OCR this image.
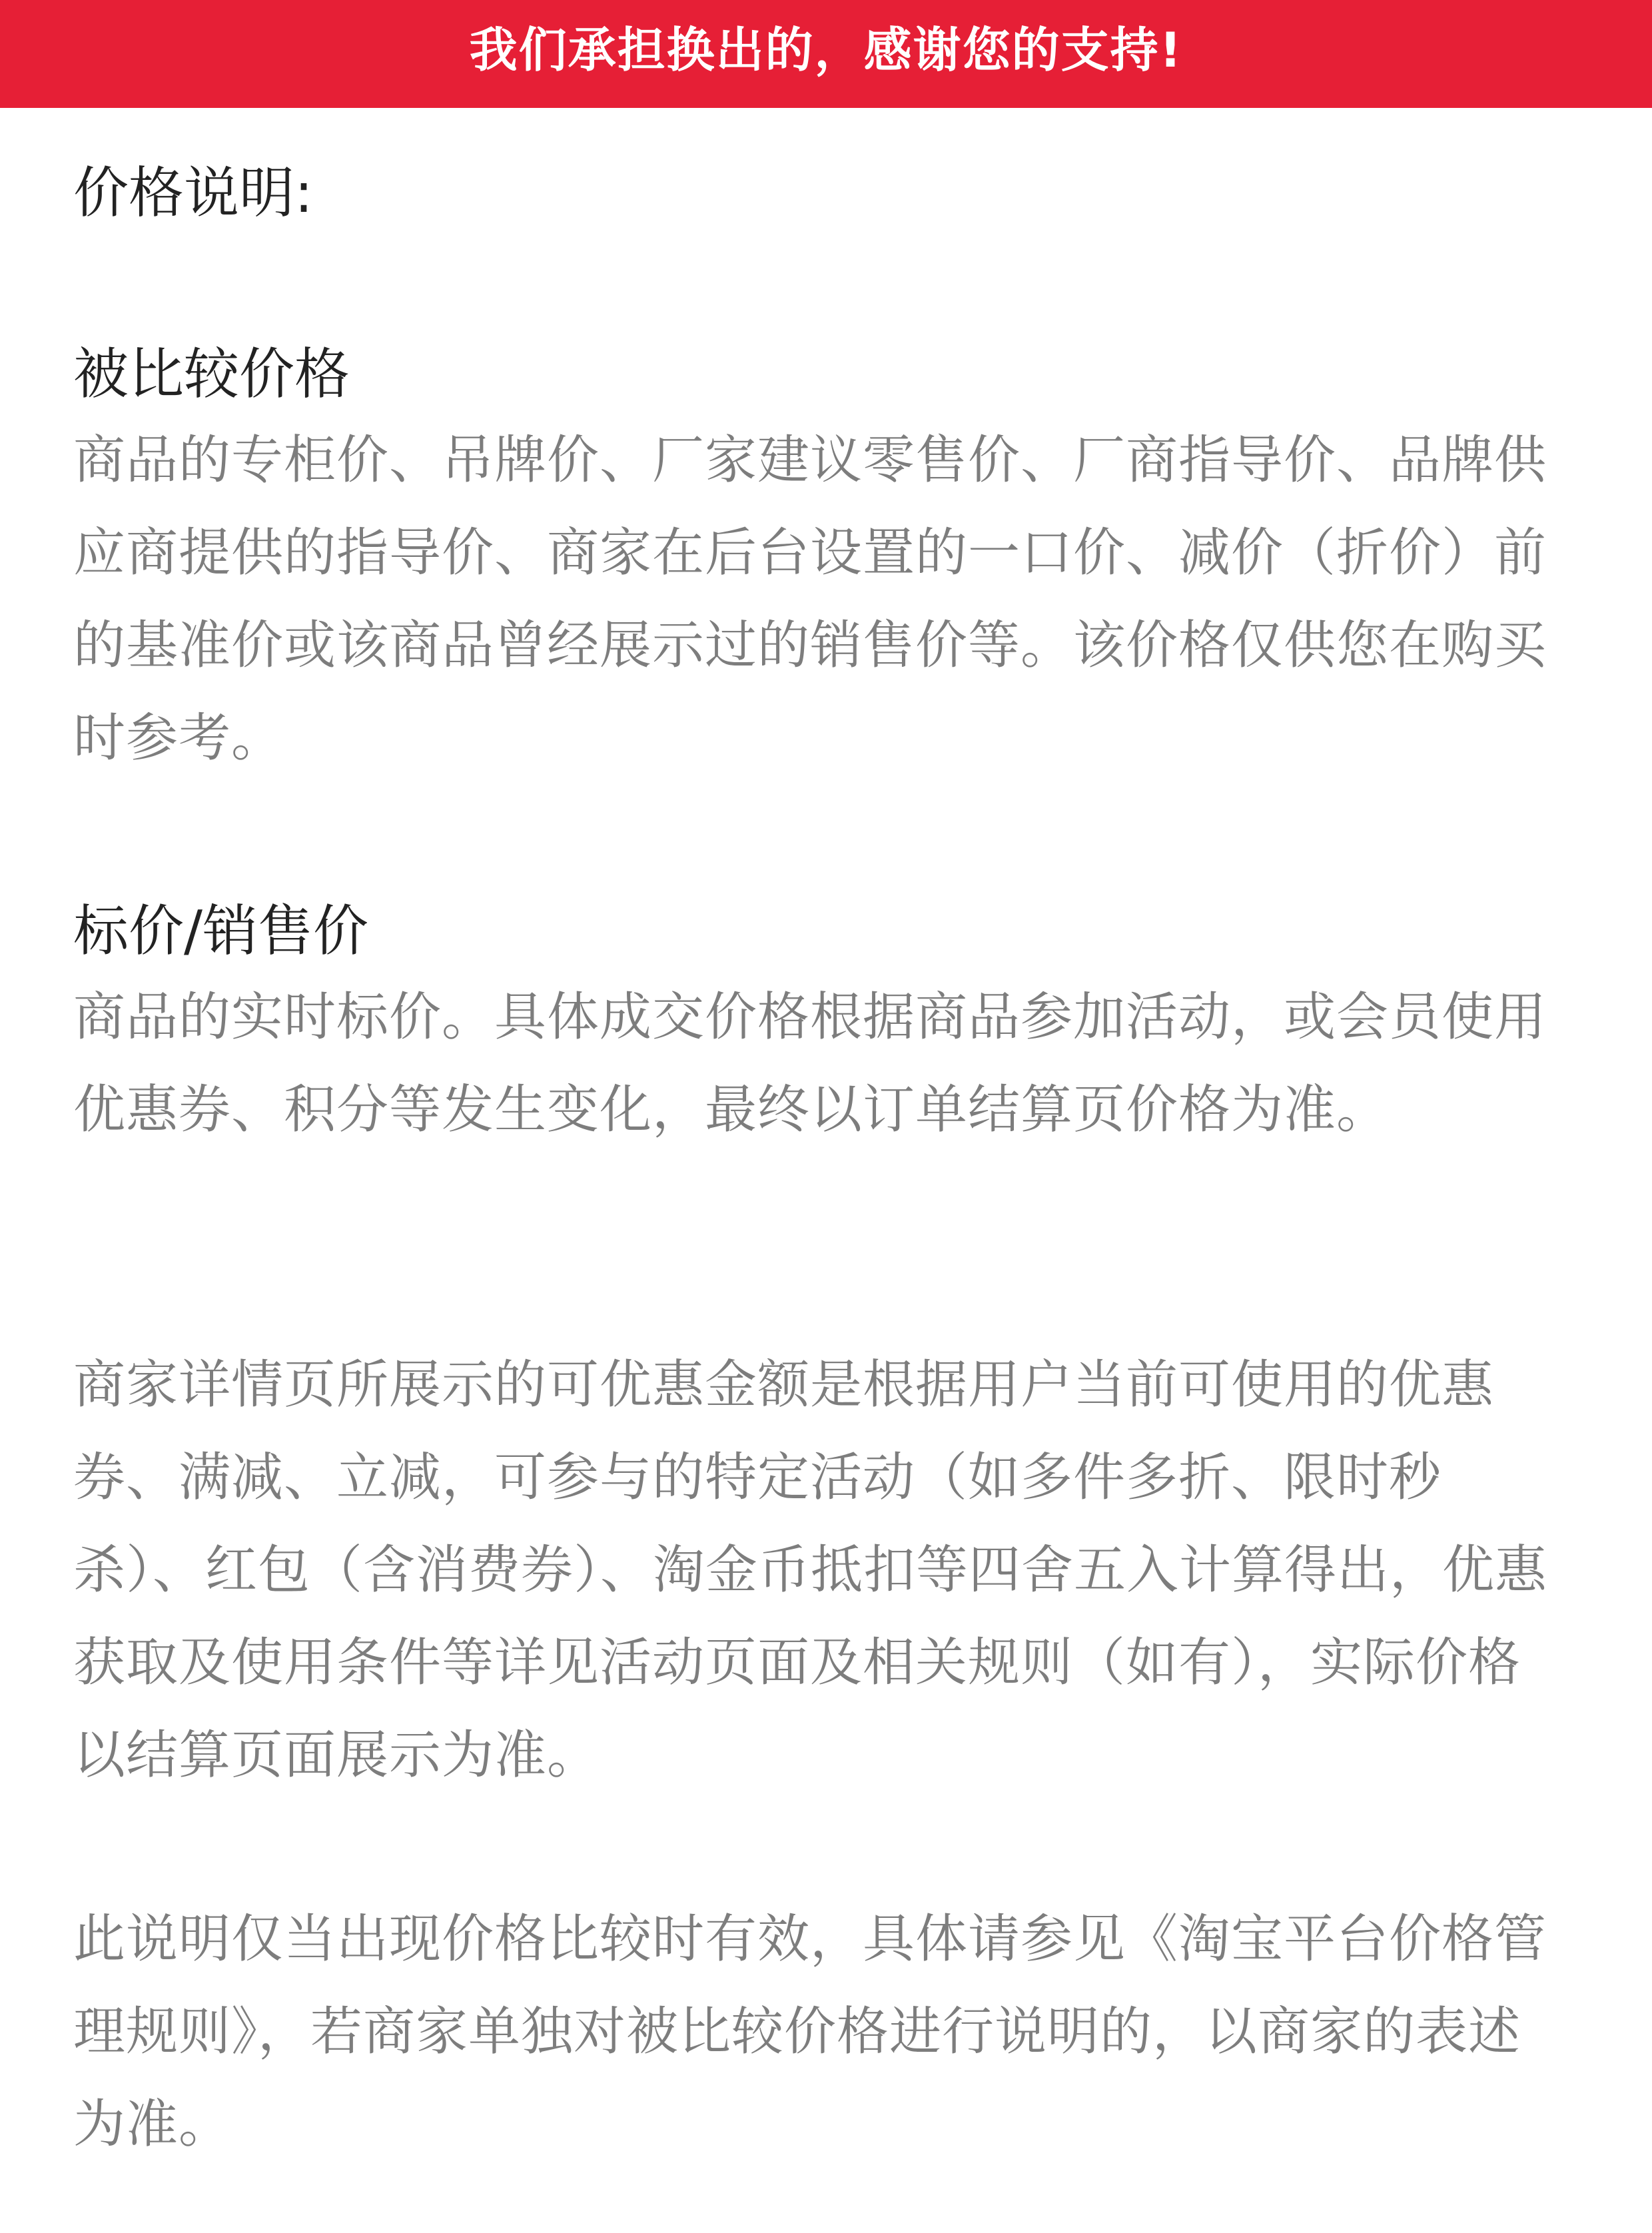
我们承担换出的，感谢您的支持!
价格说明:
被比较价格

商品的专柜价、吊牌价、厂家建议零售价、厂商指导价、品牌供应商提供的指导价、商家在后台设置的一口价、减价（折价）前的基准价或该商品曾经展示过的销售价等。该价格仅供您在购买时参考。

标价/销售价

商品的实时标价。具体成交价格根据商品参加活动，或会员使用优惠券、积分等发生变化，最终以订单结算页价格为准。

商家详情页所展示的可优惠金额是根据用户当前可使用的优惠券、满减、立减，可参与的特定活动（如多件多折、限时秒杀）、红包（含消费券）、淘金币抵扣等四舍五入计算得出，优惠获取及使用条件等详见活动页面及相关规则（如有），实际价格以结算页面展示为准。

此说明仅当出现价格比较时有效，具体请参见《淘宝平台价格管理规则》，若商家单独对被比较价格进行说明的，以商家的表述为准。
